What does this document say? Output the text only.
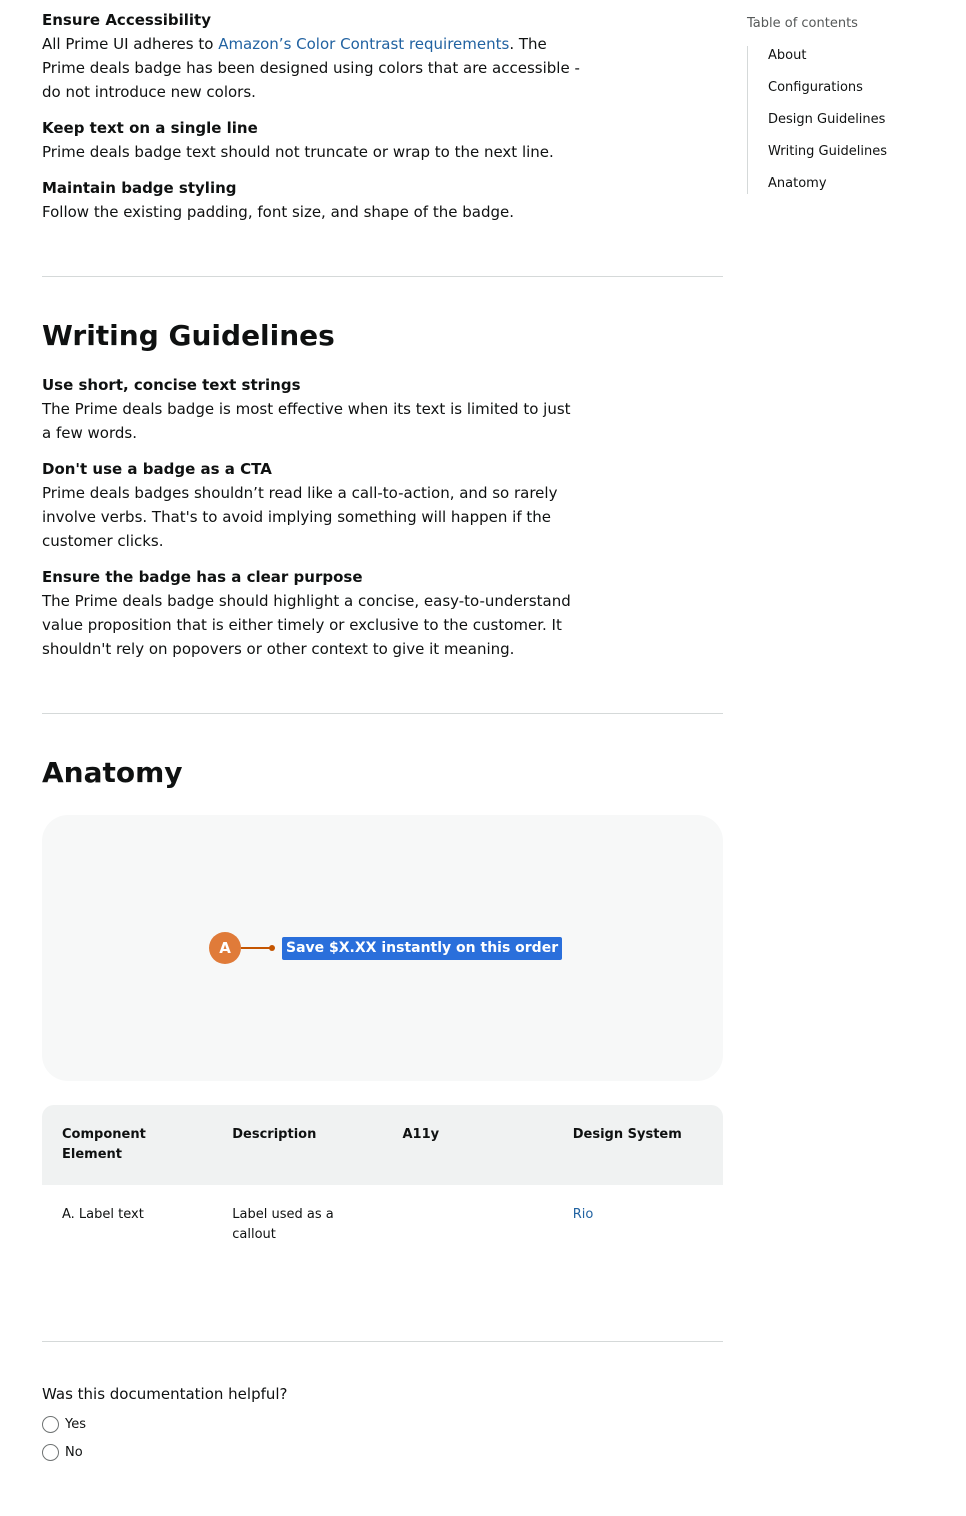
Ensure Accessibility

All Prime UI adheres to Amazon’s Color Contrast requirements. The Prime deals badge has been designed using colors that are accessible - do not introduce new colors.

Keep text on a single line

Prime deals badge text should not truncate or wrap to the next line.

Maintain badge styling

Follow the existing padding, font size, and shape of the badge.

Writing Guidelines
Use short, concise text strings

The Prime deals badge is most effective when its text is limited to just a few words.

Don't use a badge as a CTA

Prime deals badges shouldn’t read like a call-to-action, and so rarely involve verbs. That's to avoid implying something will happen if the customer clicks.

Ensure the badge has a clear purpose

The Prime deals badge should highlight a concise, easy-to-understand value proposition that is either timely or exclusive to the customer. It shouldn't rely on popovers or other context to give it meaning.

Anatomy
A	Save $X.XX instantly on this order
Component Element	Description	A11y	Design System
A. Label text	Label used as a callout		Rio
Was this documentation helpful?
Yes
No
Table of contents
About
Configurations
Design Guidelines
Writing Guidelines
Anatomy
